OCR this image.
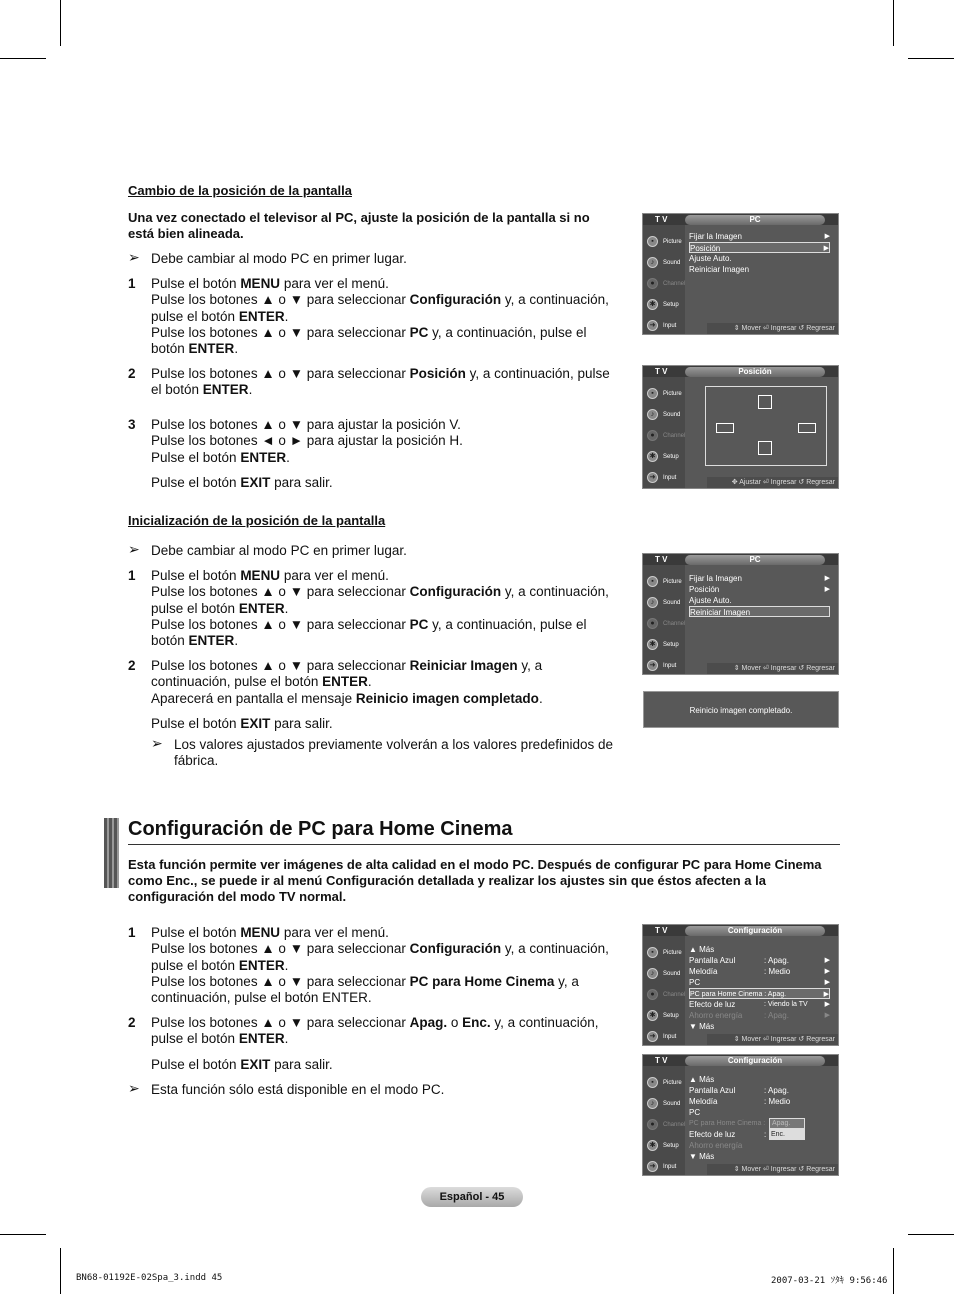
Cambio de la posición de la pantalla
Una vez conectado el televisor al PC, ajuste la posición de la pantalla si no está bien alineada.
➢ Debe cambiar al modo PC en primer lugar.
1 Pulse el botón MENU para ver el menú.
Pulse los botones ▲ o ▼ para seleccionar Configuración y, a continuación, pulse el botón ENTER.
Pulse los botones ▲ o ▼ para seleccionar PC y, a continuación, pulse el botón ENTER.
2 Pulse los botones ▲ o ▼ para seleccionar Posición y, a continuación, pulse el botón ENTER.
3 Pulse los botones ▲ o ▼ para ajustar la posición V.
Pulse los botones ◄ o ► para ajustar la posición H.
Pulse el botón ENTER.
Pulse el botón EXIT para salir.
Inicialización de la posición de la pantalla
➢ Debe cambiar al modo PC en primer lugar.
1 Pulse el botón MENU para ver el menú.
Pulse los botones ▲ o ▼ para seleccionar Configuración y, a continuación, pulse el botón ENTER.
Pulse los botones ▲ o ▼ para seleccionar PC y, a continuación, pulse el botón ENTER.
2 Pulse los botones ▲ o ▼ para seleccionar Reiniciar Imagen y, a continuación, pulse el botón ENTER.
Aparecerá en pantalla el mensaje Reinicio imagen completado.
Pulse el botón EXIT para salir.
➢ Los valores ajustados previamente volverán a los valores predefinidos de fábrica.
Configuración de PC para Home Cinema
Esta función permite ver imágenes de alta calidad en el modo PC. Después de configurar PC para Home Cinema como Enc., se puede ir al menú Configuración detallada y realizar los ajustes sin que éstos afecten a la configuración del modo TV normal.
1 Pulse el botón MENU para ver el menú.
Pulse los botones ▲ o ▼ para seleccionar Configuración y, a continuación, pulse el botón ENTER.
Pulse los botones ▲ o ▼ para seleccionar PC para Home Cinema y, a continuación, pulse el botón ENTER.
2 Pulse los botones ▲ o ▼ para seleccionar Apag. o Enc. y, a continuación, pulse el botón ENTER.
Pulse el botón EXIT para salir.
➢ Esta función sólo está disponible en el modo PC.
T V	PC
▪	Picture
♪	Sound
●	Channel
✱	Setup
➜	Input
Fijar la Imagen	▶
Posición	▶
Ajuste Auto.
Reiniciar Imagen
⇕ Mover ⏎ Ingresar ↺ Regresar
T V	Posición
▪	Picture
♪	Sound
●	Channel
✱	Setup
➜	Input
✥ Ajustar ⏎ Ingresar ↺ Regresar
T V	PC
▪	Picture
♪	Sound
●	Channel
✱	Setup
➜	Input
Fijar la Imagen	▶
Posición	▶
Ajuste Auto.
Reiniciar Imagen
⇕ Mover ⏎ Ingresar ↺ Regresar
Reinicio imagen completado.
T V	Configuración
▪	Picture
♪	Sound
●	Channel
✱	Setup
➜	Input
▲ Más
Pantalla Azul	: Apag.	▶
Melodía	: Medio	▶
PC	▶
PC para Home Cinema : Apag.	▶
Efecto de luz	: Viendo la TV ▶
Ahorro energía	: Apag.	▶
▼ Más
⇕ Mover ⏎ Ingresar ↺ Regresar
T V	Configuración
▪	Picture
♪	Sound
●	Channel
✱	Setup
➜	Input
▲ Más
Pantalla Azul	: Apag.
Melodía	: Medio
PC
PC para Home Cinema :
Efecto de luz	:
Ahorro energía
▼ Más
Apag.
Enc.
⇕ Mover ⏎ Ingresar ↺ Regresar
Español - 45
BN68-01192E-02Spa_3.indd 45	2007-03-21 ｿﾀｷ 9:56:46
